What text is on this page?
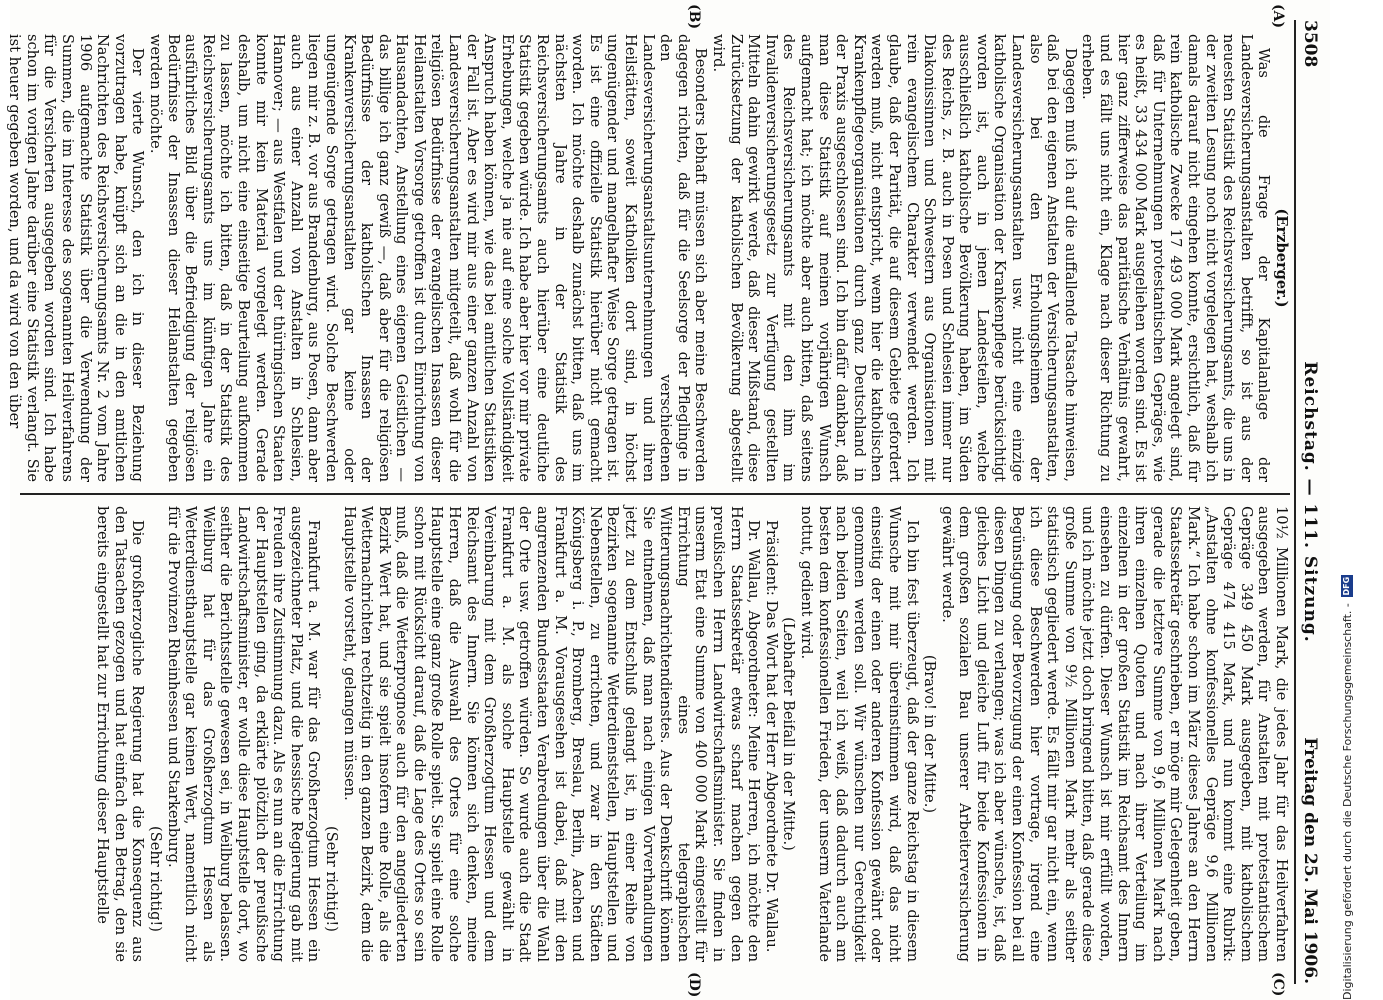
3508
Reichstag. — 111. Sitzung.
Freitag den 25. Mai 1906.
(A)
(B)
(C)
(D)

(Erzberger.)

Was die Frage der Kapitalanlage der Landesversicherungsanstalten betrifft, so ist aus der neuesten Statistik des Reichsversicherungsamts, die uns in der zweiten Lesung noch nicht vorgelegen hat, weshalb ich damals darauf nicht eingehen konnte, ersichtlich, daß für rein katholische Zwecke 17 493 000 Mark angelegt sind, daß für Unternehmungen protestantischen Gepräges, wie es heißt, 33 434 000 Mark ausgeliehen worden sind. Es ist hier ganz zifferweise das paritätische Verhältnis gewahrt, und es fällt uns nicht ein, Klage nach dieser Richtung zu erheben.

Dagegen muß ich auf die auffallende Tatsache hinweisen, daß bei den eigenen Anstalten der Versicherungsanstalten, also bei den Erholungsheimen der Landesversicherungsanstalten usw. nicht eine einzige katholische Organisation der Krankenpflege berücksichtigt worden ist, auch in jenen Landesteilen, welche ausschließlich katholische Bevölkerung haben, im Süden des Reichs, z. B. auch in Posen und Schlesien immer nur Diakonissinnen und Schwestern aus Organisationen mit rein evangelischem Charakter verwendet werden. Ich glaube, daß der Parität, die auf diesem Gebiete gefordert werden muß, nicht entspricht, wenn hier die katholischen Krankenpflegeorganisationen durch ganz Deutschland in der Praxis ausgeschlossen sind. Ich bin dafür dankbar, daß man diese Statistik auf meinen vorjährigen Wunsch aufgemacht hat; ich möchte aber auch bitten, daß seitens des Reichsversicherungsamts mit den ihm im Invalidenversicherungsgesetz zur Verfügung gestellten Mitteln dahin gewirkt werde, daß dieser Mißstand, diese Zurücksetzung der katholischen Bevölkerung abgestellt wird.

Besonders lebhaft müssen sich aber meine Beschwerden dagegen richten, daß für die Seelsorge der Pfleglinge in den verschiedenen Landesversicherungsanstaltsunternehmungen und ihren Heilstätten, soweit Katholiken dort sind, in höchst ungenügender und mangelhafter Weise Sorge getragen ist. Es ist eine offizielle Statistik hierüber nicht gemacht worden. Ich möchte deshalb zunächst bitten, daß uns im nächsten Jahre in der Statistik des Reichsversicherungsamts auch hierüber eine deutliche Statistik gegeben würde. Ich habe aber hier vor mir private Erhebungen, welche ja nie auf eine solche Vollständigkeit Anspruch haben können, wie das bei amtlichen Statistiken der Fall ist. Aber es wird mir aus einer ganzen Anzahl von Landesversicherungsanstalten mitgeteilt, daß wohl für die religiösen Bedürfnisse der evangelischen Insassen dieser Heilanstalten Vorsorge getroffen ist durch Einrichtung von Hausandachten, Anstellung eines eigenen Geistlichen — das billige ich ganz gewiß —, daß aber für die religiösen Bedürfnisse der katholischen Insassen der Krankenversicherungsanstalten gar keine oder ungenügende Sorge getragen wird. Solche Beschwerden liegen mir z. B. vor aus Brandenburg, aus Posen, dann aber auch aus einer Anzahl von Anstalten in Schlesien, Hannover; — aus Westfalen und der thüringischen Staaten konnte mir kein Material vorgelegt werden. Gerade deshalb, um nicht eine einseitige Beurteilung aufkommen zu lassen, möchte ich bitten, daß in der Statistik des Reichsversicherungsamts uns im künftigen Jahre ein ausführliches Bild über die Befriedigung der religiösen Bedürfnisse der Insassen dieser Heilanstalten gegeben werden möchte.

Der vierte Wunsch, den ich in dieser Beziehung vorzutragen habe, knüpft sich an die in den amtlichen Nachrichten des Reichsversicherungsamts Nr. 2 vom Jahre 1906 aufgemachte Statistik über die Verwendung der Summen, die im Interesse des sogenannten Heilverfahrens für die Versicherten ausgegeben worden sind. Ich habe schon im vorigen Jahre darüber eine Statistik verlangt. Sie ist heuer gegeben worden, und da wird von den über

10½ Millionen Mark, die jedes Jahr für das Heilverfahren ausgegeben werden, für Anstalten mit protestantischem Gepräge 349 450 Mark ausgegeben, mit katholischem Gepräge 474 415 Mark, und nun kommt eine Rubrik: „Anstalten ohne konfessionelles Gepräge 9,6 Millionen Mark.“ Ich habe schon im März dieses Jahres an den Herrn Staatssekretär geschrieben, er möge mir Gelegenheit geben, gerade die letztere Summe von 9,6 Millionen Mark nach ihren einzelnen Quoten und nach ihrer Verteilung im einzelnen in der großen Statistik im Reichsamt des Innern einsehen zu dürfen. Dieser Wunsch ist mir erfüllt worden, und ich möchte jetzt doch bringend bitten, daß gerade diese große Summe von 9½ Millionen Mark mehr als seither statistisch gegliedert werde. Es fällt mir gar nicht ein, wenn ich diese Beschwerden hier vortrage, irgend eine Begünstigung oder Bevorzugung der einen Konfession bei all diesen Dingen zu verlangen; was ich aber wünsche, ist, daß gleiches Licht und gleiche Luft für beide Konfessionen in dem großen sozialen Bau unserer Arbeiterversicherung gewährt werde.

(Bravo! in der Mitte.)

Ich bin fest überzeugt, daß der ganze Reichstag in diesem Wunsche mit mir übereinstimmen wird, daß das nicht einseitig der einen oder anderen Konfession gewährt oder genommen werden soll. Wir wünschen nur Gerechtigkeit nach beiden Seiten, weil ich weiß, daß dadurch auch am besten dem konfessionellen Frieden, der unserm Vaterlande nottut, gedient wird.

(Lebhafter Beifall in der Mitte.)

Präsident: Das Wort hat der Herr Abgeordnete Dr. Wallau.

Dr. Wallau, Abgeordneter: Meine Herren, ich möchte den Herrn Staatssekretär etwas scharf machen gegen den preußischen Herrn Landwirtschaftsminister. Sie finden in unserm Etat eine Summe von 400 000 Mark eingestellt für Errichtung eines telegraphischen Witterungsnachrichtendienstes. Aus der Denkschrift können Sie entnehmen, daß man nach einigen Vorverhandlungen jetzt zu dem Entschluß gelangt ist, in einer Reihe von Bezirken sogenannte Wetterdienststellen, Hauptstellen und Nebenstellen, zu errichten, und zwar in den Städten Königsberg i. P., Bromberg, Breslau, Berlin, Aachen und Frankfurt a. M. Vorausgesehen ist dabei, daß mit den angrenzenden Bundesstaaten Verabredungen über die Wahl der Orte usw. getroffen würden. So wurde auch die Stadt Frankfurt a. M. als solche Hauptstelle gewählt in Vereinbarung mit dem Großherzogtum Hessen und dem Reichsamt des Innern. Sie können sich denken, meine Herren, daß die Auswahl des Ortes für eine solche Hauptstelle eine ganz große Rolle spielt. Sie spielt eine Rolle schon mit Rücksicht darauf, daß die Lage des Ortes so sein muß, daß die Wetterprognose auch für den angegliederten Bezirk Wert hat, und sie spielt insofern eine Rolle, als die Wetternachrichten rechtzeitig in den ganzen Bezirk, dem die Hauptstelle vorsteht, gelangen müssen.

(Sehr richtig!)

Frankfurt a. M. war für das Großherzogtum Hessen ein ausgezeichneter Platz, und die hessische Regierung gab mit Freuden ihre Zustimmung dazu. Als es nun an die Errichtung der Hauptstellen ging, da erklärte plötzlich der preußische Landwirtschaftsminister, er wolle diese Hauptstelle dort, wo seither die Berichtsstelle gewesen sei, in Weilburg belassen. Weilburg hat für das Großherzogtum Hessen als Wetterdiensthauptstelle gar keinen Wert, namentlich nicht für die Provinzen Rheinhessen und Starkenburg.

(Sehr richtig!)

Die großherzogliche Regierung hat die Konsequenz aus den Tatsachen gezogen und hat einfach den Betrag, den sie bereits eingestellt hat zur Errichtung dieser Hauptstelle	Digitalisierung gefördert durch die Deutsche Forschungsgemeinschaft. -
DFG
